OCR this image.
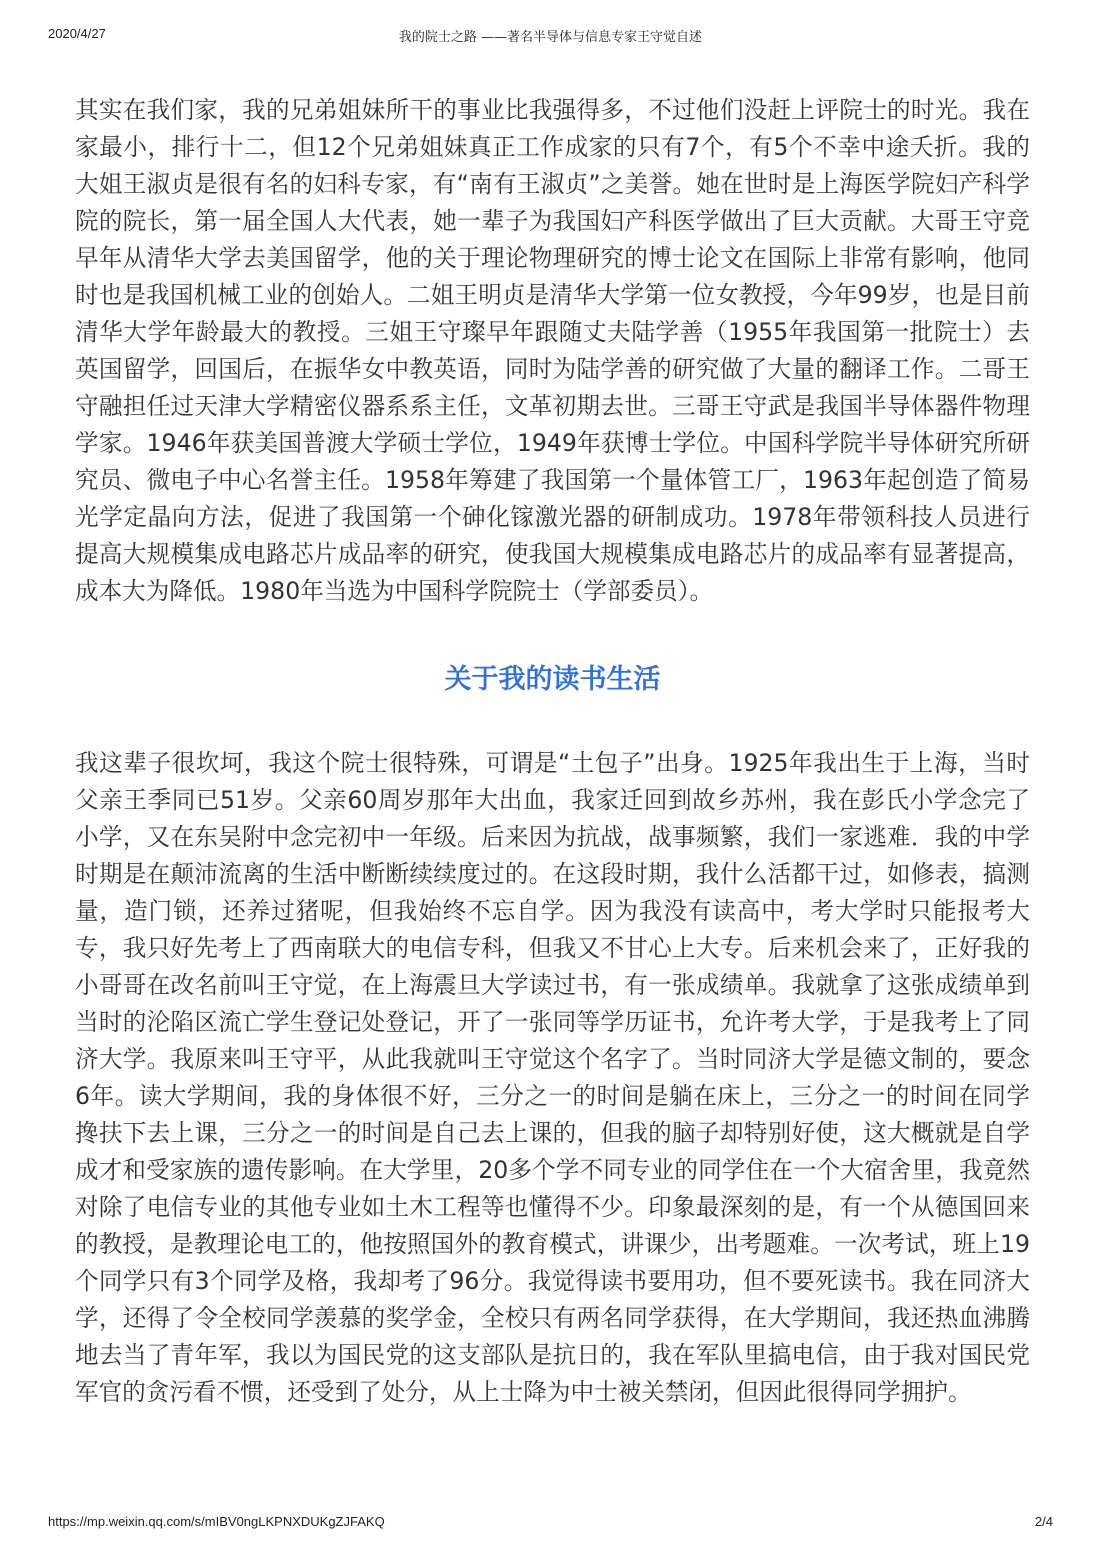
2020/4/27	我的院士之路 ——著名半导体与信息专家王守觉自述

其实在我们家，我的兄弟姐妹所干的事业比我强得多，不过他们没赶上评院士的时光。我在家最小，排行十二，但12个兄弟姐妹真正工作成家的只有7个，有5个不幸中途夭折。我的大姐王淑贞是很有名的妇科专家，有“南有王淑贞”之美誉。她在世时是上海医学院妇产科学院的院长，第一届全国人大代表，她一辈子为我国妇产科医学做出了巨大贡献。大哥王守竞早年从清华大学去美国留学，他的关于理论物理研究的博士论文在国际上非常有影响，他同时也是我国机械工业的创始人。二姐王明贞是清华大学第一位女教授，今年99岁，也是目前清华大学年龄最大的教授。三姐王守璨早年跟随丈夫陆学善（1955年我国第一批院士）去英国留学，回国后，在振华女中教英语，同时为陆学善的研究做了大量的翻译工作。二哥王守融担任过天津大学精密仪器系系主任，文革初期去世。三哥王守武是我国半导体器件物理学家。1946年获美国普渡大学硕士学位，1949年获博士学位。中国科学院半导体研究所研究员、微电子中心名誉主任。1958年筹建了我国第一个量体管工厂，1963年起创造了简易光学定晶向方法，促进了我国第一个砷化镓激光器的研制成功。1978年带领科技人员进行提高大规模集成电路芯片成品率的研究，使我国大规模集成电路芯片的成品率有显著提高，成本大为降低。1980年当选为中国科学院院士（学部委员）。

关于我的读书生活

我这辈子很坎坷，我这个院士很特殊，可谓是“土包子”出身。1925年我出生于上海，当时父亲王季同已51岁。父亲60周岁那年大出血，我家迁回到故乡苏州，我在彭氏小学念完了小学，又在东吴附中念完初中一年级。后来因为抗战，战事频繁，我们一家逃难．我的中学时期是在颠沛流离的生活中断断续续度过的。在这段时期，我什么活都干过，如修表，搞测量，造门锁，还养过猪呢，但我始终不忘自学。因为我没有读高中，考大学时只能报考大专，我只好先考上了西南联大的电信专科，但我又不甘心上大专。后来机会来了，正好我的小哥哥在改名前叫王守觉，在上海震旦大学读过书，有一张成绩单。我就拿了这张成绩单到当时的沦陷区流亡学生登记处登记，开了一张同等学历证书，允许考大学，于是我考上了同济大学。我原来叫王守平，从此我就叫王守觉这个名字了。当时同济大学是德文制的，要念6年。读大学期间，我的身体很不好，三分之一的时间是躺在床上，三分之一的时间在同学搀扶下去上课，三分之一的时间是自己去上课的，但我的脑子却特别好使，这大概就是自学成才和受家族的遗传影响。在大学里，20多个学不同专业的同学住在一个大宿舍里，我竟然对除了电信专业的其他专业如土木工程等也懂得不少。印象最深刻的是，有一个从德国回来的教授，是教理论电工的，他按照国外的教育模式，讲课少，出考题难。一次考试，班上19个同学只有3个同学及格，我却考了96分。我觉得读书要用功，但不要死读书。我在同济大学，还得了令全校同学羡慕的奖学金，全校只有两名同学获得，在大学期间，我还热血沸腾地去当了青年军，我以为国民党的这支部队是抗日的，我在军队里搞电信，由于我对国民党军官的贪污看不惯，还受到了处分，从上士降为中士被关禁闭，但因此很得同学拥护。

https://mp.weixin.qq.com/s/mIBV0ngLKPNXDUKgZJFAKQ	2/4
